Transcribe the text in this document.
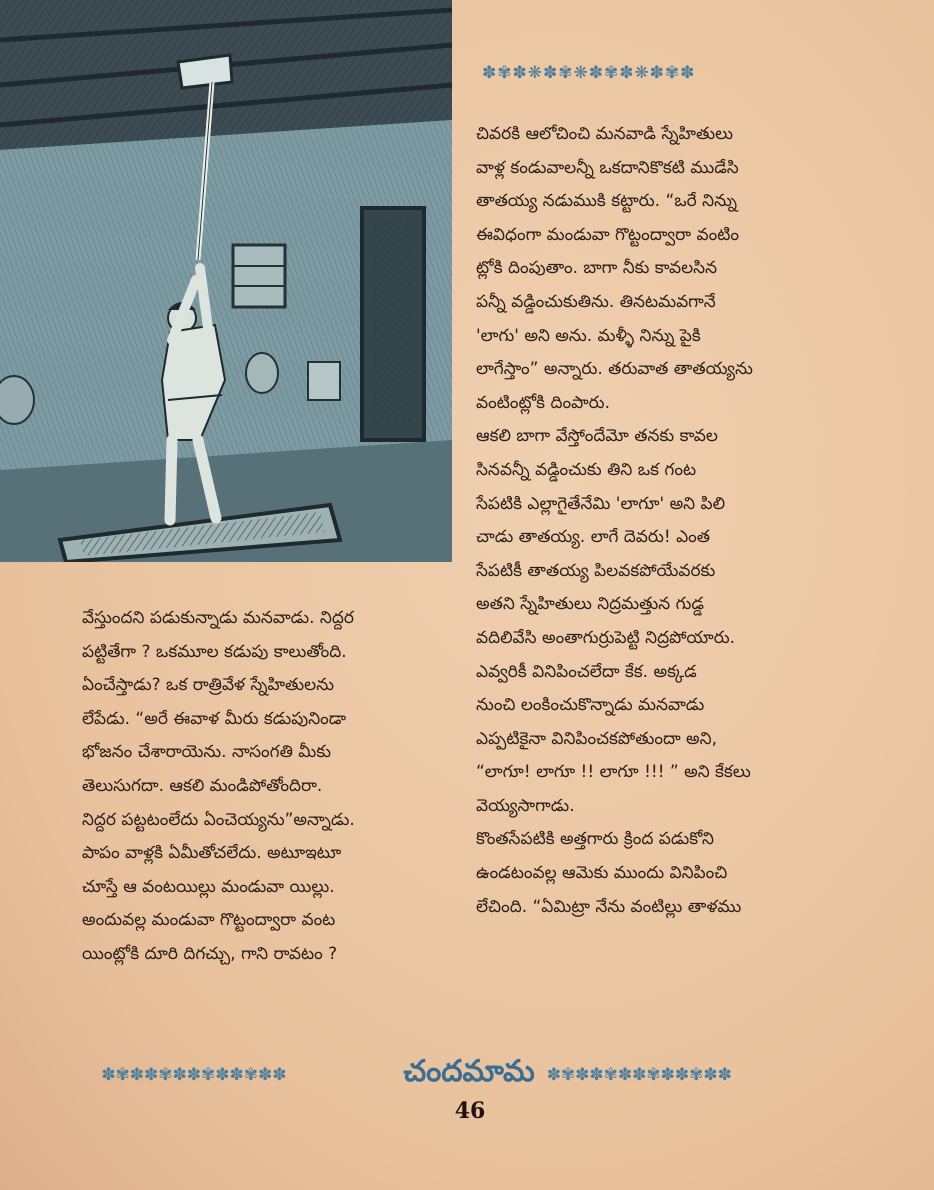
✽✾✽❋✽✾❋✽✾✽❋✽✾✽
చివరకి ఆలోచించి మనవాడి స్నేహితులు
వాళ్ల కండువాలన్నీ ఒకదానికొకటి ముడేసి
తాతయ్య నడుముకి కట్టారు. “ఒరే నిన్ను
ఈవిధంగా మండువా గొట్టంద్వారా వంటిం
ట్లోకి దింపుతాం. బాగా నీకు కావలసిన
పన్నీ వడ్డించుకుతిను. తినటమవగానే
'లాగు' అని అను. మళ్ళీ నిన్ను పైకి
లాగేస్తాం” అన్నారు. తరువాత తాతయ్యను
వంటింట్లోకి దింపారు.
ఆకలి బాగా వేస్తోందేమో తనకు కావల
సినవన్నీ వడ్డించుకు తిని ఒక గంట
సేపటికి ఎల్లాగైతేనేమి 'లాగూ' అని పిలి
చాడు తాతయ్య. లాగే దెవరు! ఎంత
సేపటికీ తాతయ్య పిలవకపోయేవరకు
అతని స్నేహితులు నిద్రమత్తున గుడ్డ
వదిలివేసి అంతాగుర్రుపెట్టి నిద్రపోయారు.
ఎవ్వరికీ వినిపించలేదా కేక. అక్కడ
నుంచి లంకించుకొన్నాడు మనవాడు
ఎప్పటికైనా వినిపించకపోతుందా అని,
“లాగూ! లాగూ !! లాగూ !!! ” అని కేకలు
వెయ్యసాగాడు.
కొంతసేపటికి అత్తగారు క్రింద పడుకోని
ఉండటంవల్ల ఆమెకు ముందు వినిపించి
లేచింది. “ఏమిట్రా నేను వంటిల్లు తాళము
వేస్తుందని పడుకున్నాడు మనవాడు. నిద్దర
పట్టితేగా ? ఒకమూల కడుపు కాలుతోంది.
ఏంచేస్తాడు? ఒక రాత్రివేళ స్నేహితులను
లేపేడు. “అరే ఈవాళ మీరు కడుపునిండా
భోజనం చేశారాయెను. నాసంగతి మీకు
తెలుసుగదా. ఆకలి మండిపోతోందిరా.
నిద్దర పట్టటంలేదు ఏంచెయ్యను”అన్నాడు.
పాపం వాళ్లకి ఏమీతోచలేదు. అటూఇటూ
చూస్తే ఆ వంటయిల్లు మండువా యిల్లు.
అందువల్ల మండువా గొట్టంద్వారా వంట
యింట్లోకి దూరి దిగచ్చు, గాని రావటం ?
✽✾✽✽✾✽✽✾✽✽✾✽✽	చందమామ ✽✾✽✽✾✽✽✾✽✽✾✽✽
46
